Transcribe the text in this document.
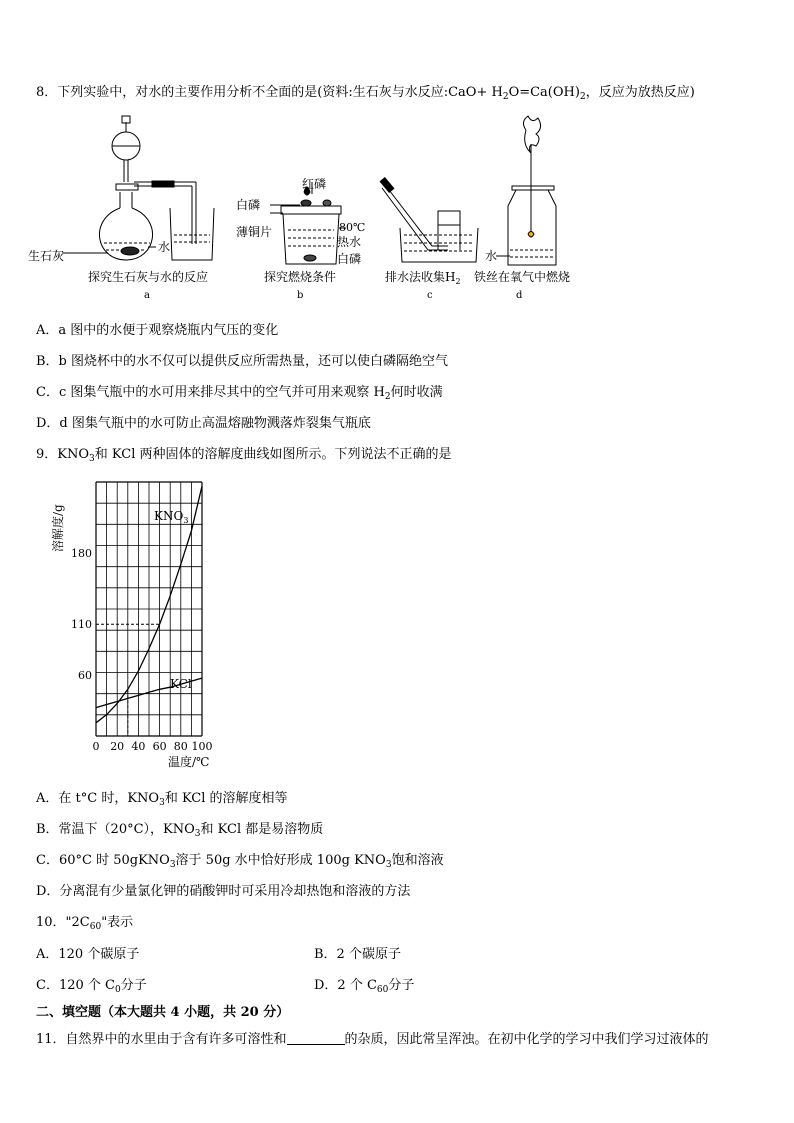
8．下列实验中，对水的主要作用分析不全面的是(资料:生石灰与水反应:CaO+ $H_2O=Ca(OH)_2$，反应为放热反应)
探究生石灰与水的反应
a
生石灰
水
红磷
白磷
薄铜片	80℃
热水
白磷
探究燃烧条件
b
排水法收集$H_2$
c
铁丝在氧气中燃烧
d
水
A．a 图中的水便于观察烧瓶内气压的变化
B．b 图烧杯中的水不仅可以提供反应所需热量，还可以使白磷隔绝空气
C．c 图集气瓶中的水可用来排尽其中的空气并可用来观察 $H_2$何时收满
D．d 图集气瓶中的水可防止高温熔融物溅落炸裂集气瓶底
9．$KNO_3$和 KCl 两种固体的溶解度曲线如图所示。下列说法不正确的是
0 20 40 60 80 100
60
110
180
溶解度/g
温度/℃
$KNO_3$
KCl
A．在 t°C 时，$KNO_3$和 KCl 的溶解度相等
B．常温下（20°C），$KNO_3$和 KCl 都是易溶物质
C．60°C 时 50gKNO$_3$溶于 50g 水中恰好形成 100g $KNO_3$饱和溶液
D．分离混有少量氯化钾的硝酸钾时可采用冷却热饱和溶液的方法
10．"$2C_{60}$"表示
A．120 个碳原子	B．2 个碳原子
C．120 个 $C_0$分子	D．2 个 $C_{60}$分子
二、填空题（本大题共 4 小题，共 20 分）
11．自然界中的水里由于含有许多可溶性和	的杂质，因此常呈浑浊。在初中化学的学习中我们学习过液体的
